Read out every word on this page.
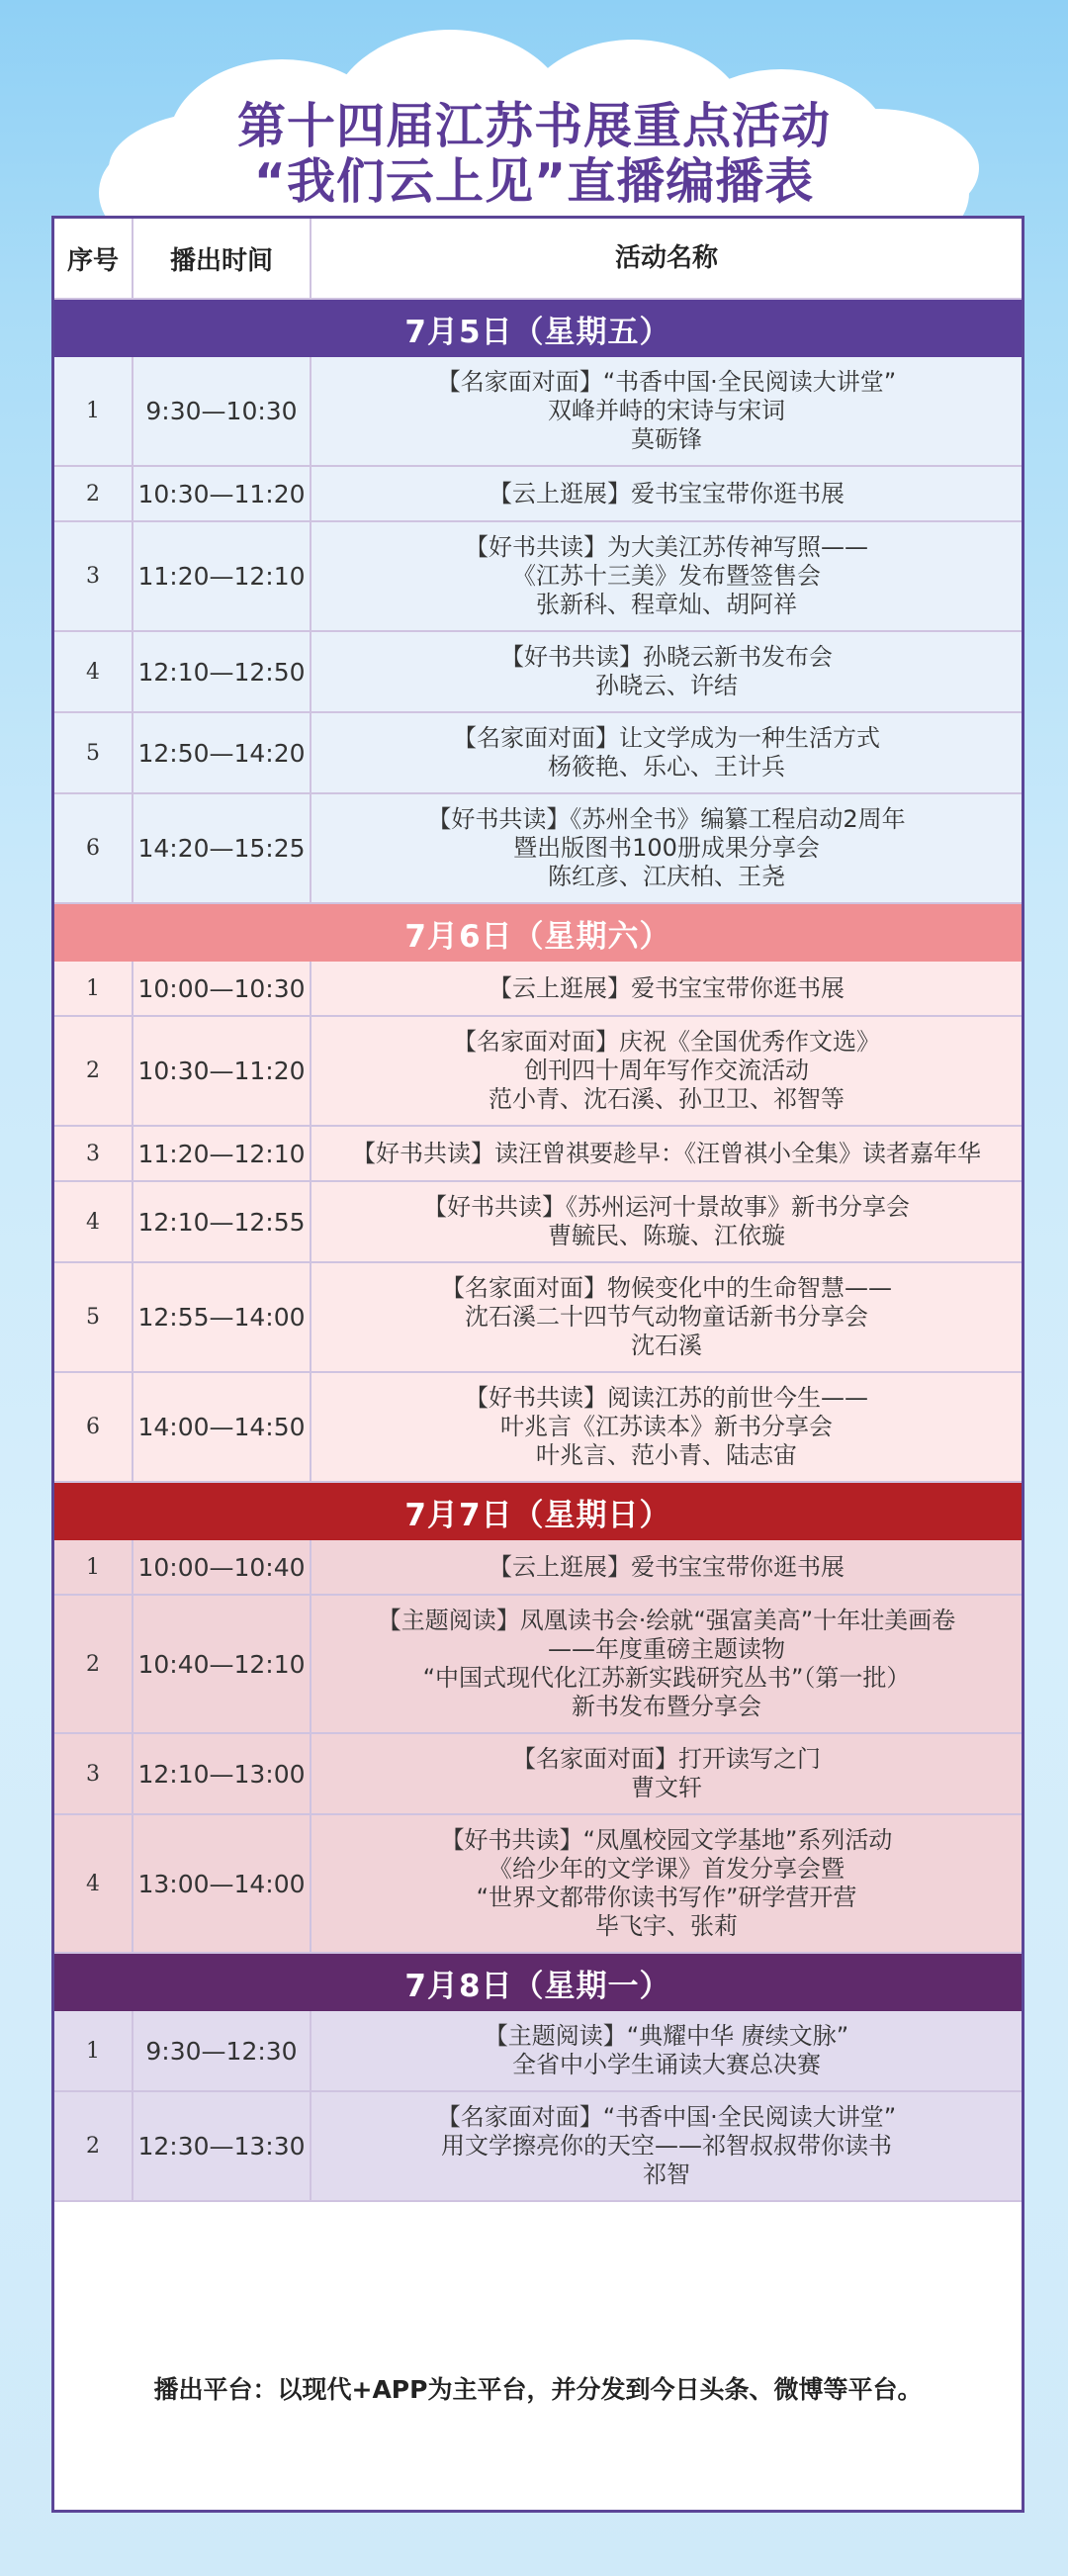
第十四届江苏书展重点活动
“我们云上见”直播编播表
序号	播出时间	活动名称
7月5日（星期五）
1	9:30—10:30
【名家面对面】“书香中国·全民阅读大讲堂”
双峰并峙的宋诗与宋词
莫砺锋
2	10:30—11:20	【云上逛展】爱书宝宝带你逛书展
3	11:20—12:10
【好书共读】为大美江苏传神写照——
《江苏十三美》发布暨签售会
张新科、程章灿、胡阿祥
4	12:10—12:50
【好书共读】孙晓云新书发布会
孙晓云、许结
5	12:50—14:20
【名家面对面】让文学成为一种生活方式
杨筱艳、乐心、王计兵
6	14:20—15:25
【好书共读】《苏州全书》编纂工程启动2周年
暨出版图书100册成果分享会
陈红彦、江庆柏、王尧
7月6日（星期六）
1	10:00—10:30	【云上逛展】爱书宝宝带你逛书展
2	10:30—11:20
【名家面对面】庆祝《全国优秀作文选》
创刊四十周年写作交流活动
范小青、沈石溪、孙卫卫、祁智等
3	11:20—12:10 【好书共读】读汪曾祺要趁早：《汪曾祺小全集》读者嘉年华
4	12:10—12:55
【好书共读】《苏州运河十景故事》新书分享会
曹毓民、陈璇、江依璇
5	12:55—14:00
【名家面对面】物候变化中的生命智慧——
沈石溪二十四节气动物童话新书分享会
沈石溪
6	14:00—14:50
【好书共读】阅读江苏的前世今生——
叶兆言《江苏读本》新书分享会
叶兆言、范小青、陆志宙
7月7日（星期日）
1	10:00—10:40	【云上逛展】爱书宝宝带你逛书展
2	10:40—12:10
【主题阅读】凤凰读书会·绘就“强富美高”十年壮美画卷
——年度重磅主题读物
“中国式现代化江苏新实践研究丛书”（第一批）
新书发布暨分享会
3	12:10—13:00
【名家面对面】打开读写之门
曹文轩
4	13:00—14:00
【好书共读】“凤凰校园文学基地”系列活动
《给少年的文学课》首发分享会暨
“世界文都带你读书写作”研学营开营
毕飞宇、张莉
7月8日（星期一）
1	9:30—12:30
【主题阅读】“典耀中华 赓续文脉”
全省中小学生诵读大赛总决赛
2	12:30—13:30
【名家面对面】“书香中国·全民阅读大讲堂”
用文学擦亮你的天空——祁智叔叔带你读书
祁智
播出平台：以现代+APP为主平台，并分发到今日头条、微博等平台。
